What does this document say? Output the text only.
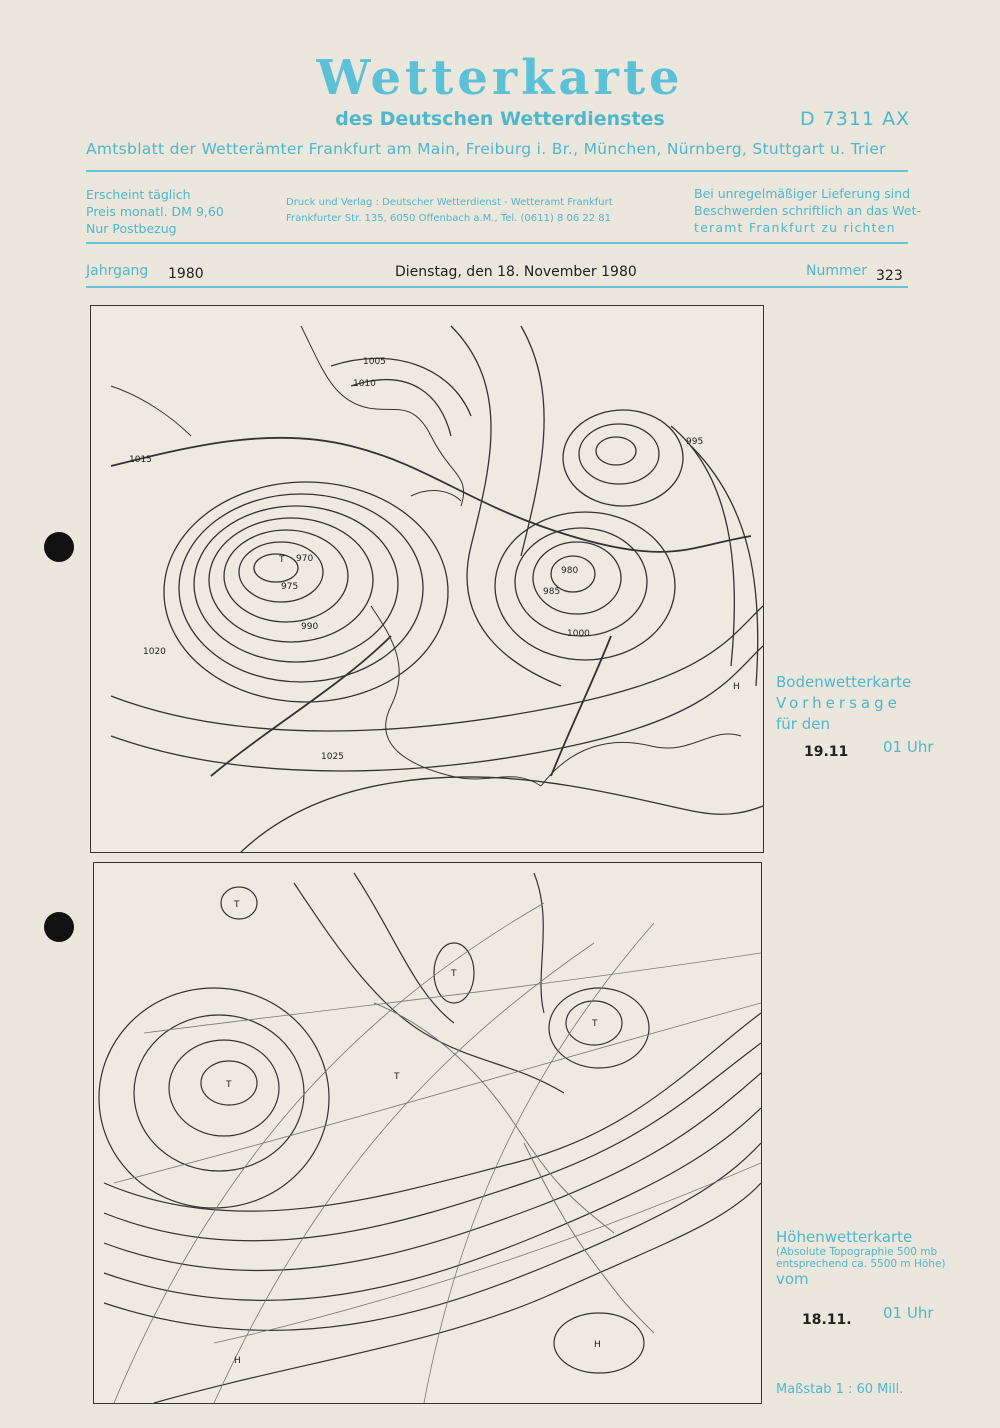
Wetterkarte
des Deutschen Wetterdienstes	D 7311 AX
Amtsblatt der Wetterämter Frankfurt am Main, Freiburg i. Br., München, Nürnberg, Stuttgart u. Trier
Erscheint täglich
Preis monatl. DM 9,60
Nur Postbezug
Druck und Verlag : Deutscher Wetterdienst - Wetteramt Frankfurt
Frankfurter Str. 135, 6050 Offenbach a.M., Tel. (0611) 8 06 22 81
Bei unregelmäßiger Lieferung sind
Beschwerden schriftlich an das Wet-
teramt Frankfurt zu richten
Jahrgang 1980	Dienstag, den 18. November 1980	Nummer 323
1005
1010
1015
1020
1025
970
975
980
985
990
995
1000
T
H Bodenwetterkarte
Vorhersage
für den
19.11 01 Uhr
T
T
T
T
T
H
H
Höhenwetterkarte
(Absolute Topographie 500 mb
entsprechend ca. 5500 m Höhe)
vom
18.11. 01 Uhr
Maßstab 1 : 60 Mill.
